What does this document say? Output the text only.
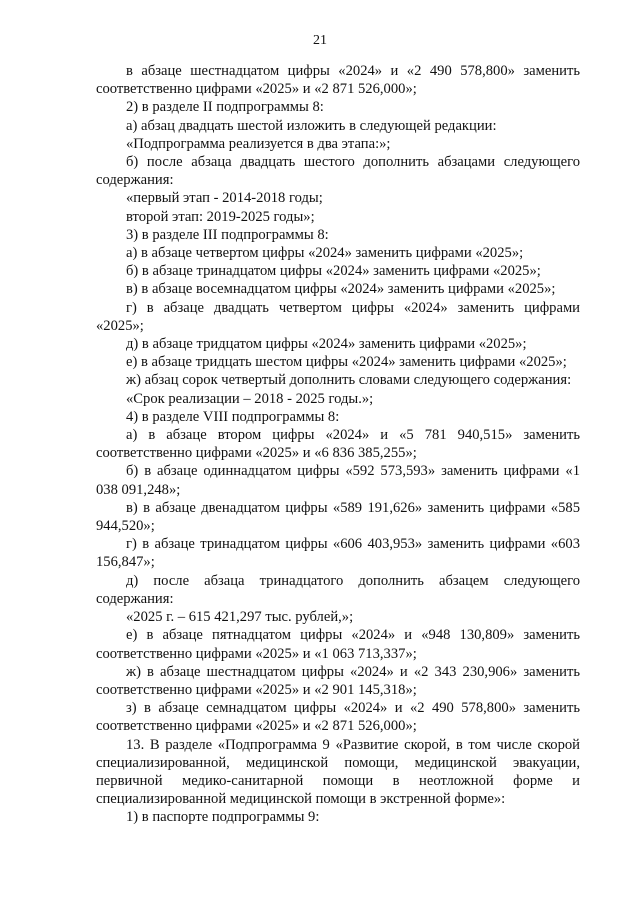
21

в абзаце шестнадцатом цифры «2024» и «2 490 578,800» заменить соответственно цифрами «2025» и «2 871 526,000»;

2) в разделе II подпрограммы 8:

а) абзац двадцать шестой изложить в следующей редакции:

«Подпрограмма реализуется в два этапа:»;

б) после абзаца двадцать шестого дополнить абзацами следующего содержания:

«первый этап - 2014-2018 годы;

второй этап: 2019-2025 годы»;

3) в разделе III подпрограммы 8:

а) в абзаце четвертом цифры «2024» заменить цифрами «2025»;

б) в абзаце тринадцатом цифры «2024» заменить цифрами «2025»;

в) в абзаце восемнадцатом цифры «2024» заменить цифрами «2025»;

г) в абзаце двадцать четвертом цифры «2024» заменить цифрами «2025»;

д) в абзаце тридцатом цифры «2024» заменить цифрами «2025»;

е) в абзаце тридцать шестом цифры «2024» заменить цифрами «2025»;

ж) абзац сорок четвертый дополнить словами следующего содержания:

«Срок реализации – 2018 - 2025 годы.»;

4) в разделе VIII подпрограммы 8:

а) в абзаце втором цифры «2024» и «5 781 940,515» заменить соответственно цифрами «2025» и «6 836 385,255»;

б) в абзаце одиннадцатом цифры «592 573,593» заменить цифрами «1 038 091,248»;

в) в абзаце двенадцатом цифры «589 191,626» заменить цифрами «585 944,520»;

г) в абзаце тринадцатом цифры «606 403,953» заменить цифрами «603 156,847»;

д) после абзаца тринадцатого дополнить абзацем следующего содержания:

«2025 г. – 615 421,297 тыс. рублей,»;

е) в абзаце пятнадцатом цифры «2024» и «948 130,809» заменить соответственно цифрами «2025» и «1 063 713,337»;

ж) в абзаце шестнадцатом цифры «2024» и «2 343 230,906» заменить соответственно цифрами «2025» и «2 901 145,318»;

з) в абзаце семнадцатом цифры «2024» и «2 490 578,800» заменить соответственно цифрами «2025» и «2 871 526,000»;

13. В разделе «Подпрограмма 9 «Развитие скорой, в том числе скорой специализированной, медицинской помощи, медицинской эвакуации, первичной медико-санитарной помощи в неотложной форме и специализированной медицинской помощи в экстренной форме»:

1) в паспорте подпрограммы 9:
